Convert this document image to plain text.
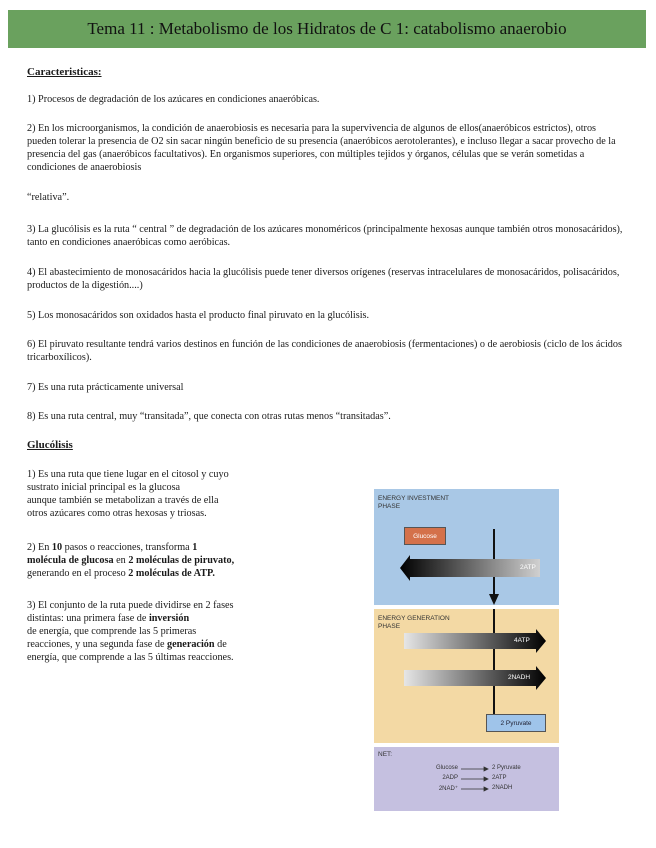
Tema 11 : Metabolismo de los Hidratos de C 1: catabolismo anaerobio
Caracteristicas:
1) Procesos de degradación de los azúcares en condiciones anaeróbicas.
2) En los microorganismos, la condición de anaerobiosis es necesaria para la supervivencia de algunos de ellos(anaeróbicos estrictos), otros pueden tolerar la presencia de O2 sin sacar ningún beneficio de su presencia (anaeróbicos aerotolerantes), e incluso llegar a sacar provecho de la presencia del gas (anaeróbicos facultativos). En organismos superiores, con múltiples tejidos y órganos, células que se verán sometidas a condiciones de anaerobiosis
“relativa”.
3) La glucólisis es la ruta “ central ” de degradación de los azúcares monoméricos (principalmente hexosas aunque también otros monosacáridos), tanto en condiciones anaeróbicas como aeróbicas.
4) El abastecimiento de monosacáridos hacia la glucólisis puede tener diversos orígenes (reservas intracelulares de monosacáridos, polisacáridos, productos de la digestión....)
5) Los monosacáridos son oxidados hasta el producto final piruvato en la glucólisis.
6) El piruvato resultante tendrá varios destinos en función de las condiciones de anaerobiosis (fermentaciones) o de aerobiosis (ciclo de los ácidos tricarboxílicos).
7) Es una ruta prácticamente universal
8) Es una ruta central, muy “transitada”, que conecta con otras rutas menos “transitadas”.
Glucólisis
1) Es una ruta que tiene lugar en el citosol y cuyo
sustrato inicial principal es la glucosa
aunque también se metabolizan a través de ella
otros azúcares como otras hexosas y triosas.
2) En 10 pasos o reacciones, transforma 1
molécula de glucosa en 2 moléculas de piruvato,
generando en el proceso 2 moléculas de ATP.
3) El conjunto de la ruta puede dividirse en 2 fases
distintas: una primera fase de inversión
de energía, que comprende las 5 primeras
reacciones, y una segunda fase de generación de
energía, que comprende a las 5 últimas reacciones.
ENERGY INVESTMENT
PHASE
Glucose
2ATP
ENERGY GENERATION
PHASE
4ATP
2NADH
2 Pyruvate
NET:
Glucose
2ADP
2NAD⁺
2 Pyruvate
2ATP
2NADH
